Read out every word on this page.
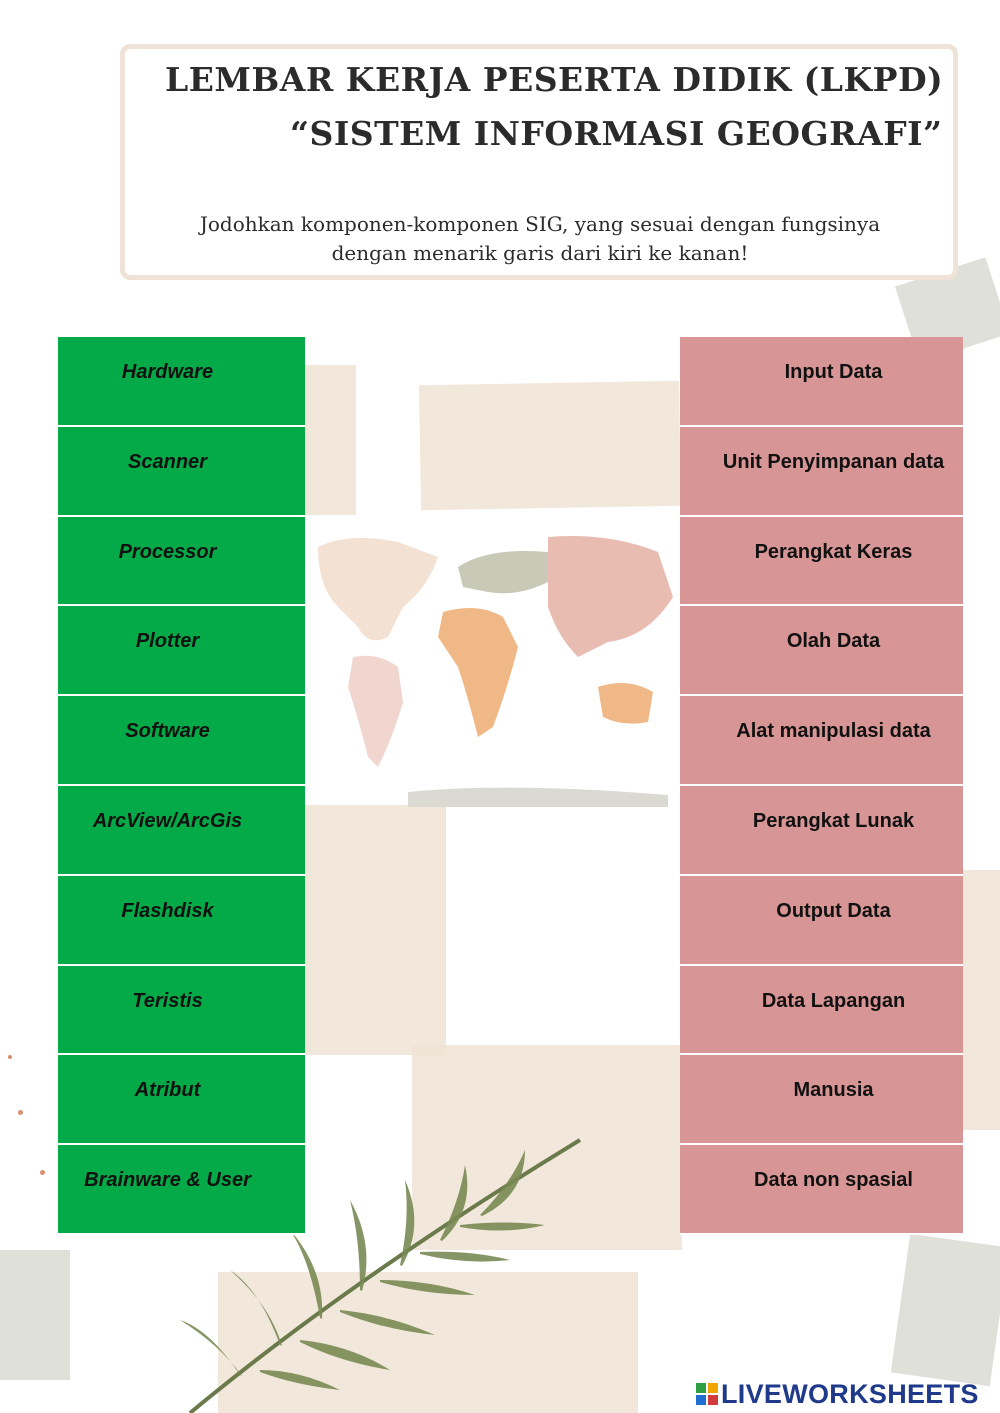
LEMBAR KERJA PESERTA DIDIK (LKPD)
“SISTEM INFORMASI GEOGRAFI”
Jodohkan komponen-komponen SIG, yang sesuai dengan fungsinya
dengan menarik garis dari kiri ke kanan!
Hardware
Scanner
Processor
Plotter
Software
ArcView/ArcGis
Flashdisk
Teristis
Atribut
Brainware & User
Input Data
Unit Penyimpanan data
Perangkat Keras
Olah Data
Alat manipulasi data
Perangkat Lunak
Output Data
Data Lapangan
Manusia
Data non spasial
LIVEWORKSHEETS
